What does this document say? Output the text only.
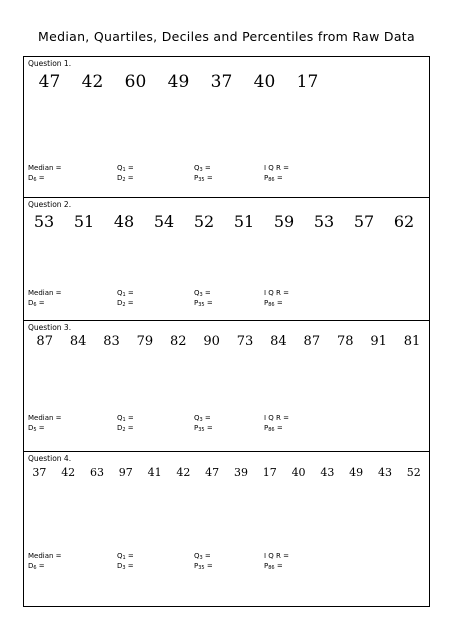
Median, Quartiles, Deciles and Percentiles from Raw Data
Question 1.
47	42	60	49	37	40	17
Median =	$Q_1$ =	$Q_3$ =	I Q R =
$D_6$ =	$D_2$ =	$P_{35}$ =	$P_{86}$ =
Question 2.
53	51	48	54	52	51	59	53	57	62
Median =	$Q_1$ =	$Q_3$ =	I Q R =
$D_6$ =	$D_2$ =	$P_{35}$ =	$P_{86}$ =
Question 3.
87	84	83	79	82	90	73	84	87	78	91	81
Median =	$Q_1$ =	$Q_3$ =	I Q R =
$D_5$ =	$D_2$ =	$P_{35}$ =	$P_{86}$ =
Question 4.
37	42	63	97	41	42	47	39	17	40	43	49	43	52
Median =	$Q_1$ =	$Q_3$ =	I Q R =
$D_6$ =	$D_3$ =	$P_{35}$ =	$P_{86}$ =
